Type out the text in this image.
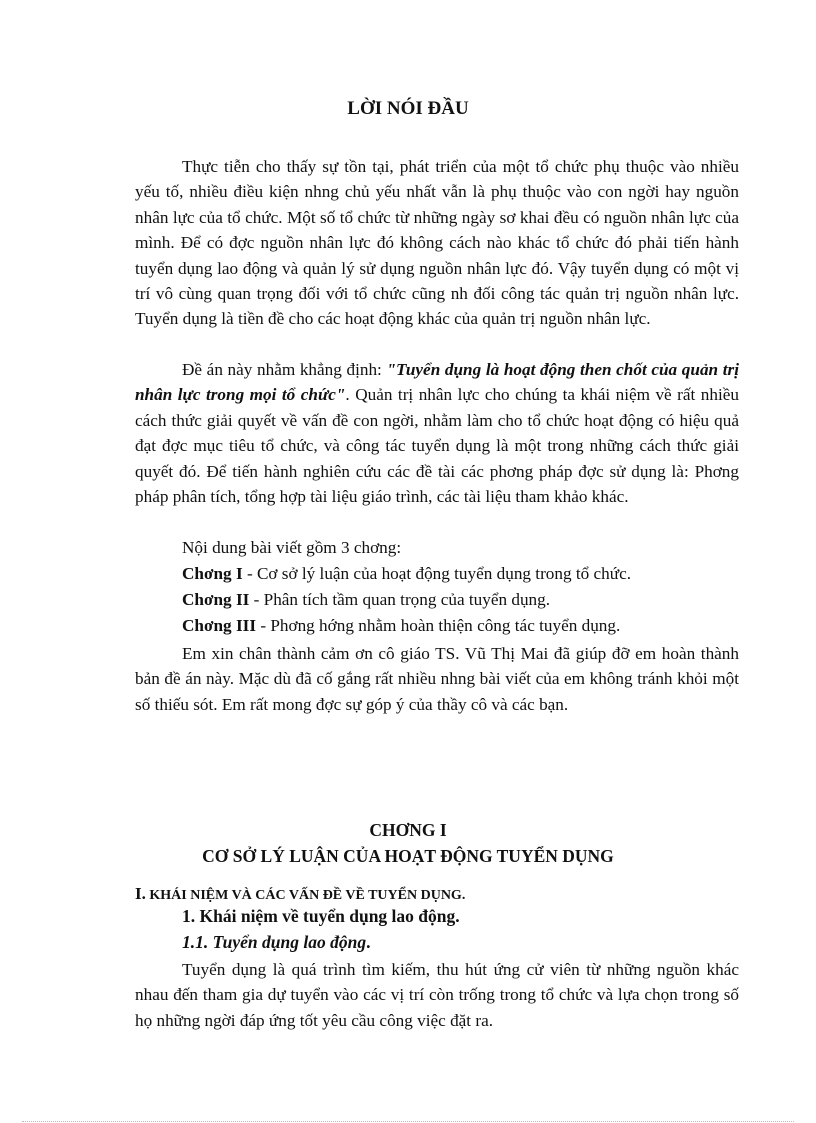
LỜI NÓI ĐẦU

Thực tiễn cho thấy sự tồn tại, phát triển của một tổ chức phụ thuộc vào nhiều yếu tố, nhiều điều kiện nhng chủ yếu nhất vẫn là phụ thuộc vào con ngời hay nguồn nhân lực của tổ chức. Một số tổ chức từ những ngày sơ khai đều có nguồn nhân lực của mình. Để có đợc nguồn nhân lực đó không cách nào khác tổ chức đó phải tiến hành tuyển dụng lao động và quản lý sử dụng nguồn nhân lực đó. Vậy tuyển dụng có một vị trí vô cùng quan trọng đối với tổ chức cũng nh đối công tác quản trị nguồn nhân lực. Tuyển dụng là tiền đề cho các hoạt động khác của quản trị nguồn nhân lực.

Đề án này nhằm khẳng định: "Tuyển dụng là hoạt động then chốt của quản trị nhân lực trong mọi tổ chức". Quản trị nhân lực cho chúng ta khái niệm về rất nhiều cách thức giải quyết về vấn đề con ngời, nhằm làm cho tổ chức hoạt động có hiệu quả đạt đợc mục tiêu tổ chức, và công tác tuyển dụng là một trong những cách thức giải quyết đó. Để tiến hành nghiên cứu các đề tài các phơng pháp đợc sử dụng là: Phơng pháp phân tích, tổng hợp tài liệu giáo trình, các tài liệu tham khảo khác.

Nội dung bài viết gồm 3 chơng:
Chơng I - Cơ sở lý luận của hoạt động tuyển dụng trong tổ chức.
Chơng II - Phân tích tầm quan trọng của tuyển dụng.
Chơng III - Phơng hớng nhằm hoàn thiện công tác tuyển dụng.

Em xin chân thành cảm ơn cô giáo TS. Vũ Thị Mai đã giúp đỡ em hoàn thành bản đề án này. Mặc dù đã cố gắng rất nhiều nhng bài viết của em không tránh khỏi một số thiếu sót. Em rất mong đợc sự góp ý của thầy cô và các bạn.

CHƠNG I
CƠ SỞ LÝ LUẬN CỦA HOẠT ĐỘNG TUYỂN DỤNG
I. KHÁI NIỆM VÀ CÁC VẤN ĐỀ VỀ TUYỂN DỤNG.
1. Khái niệm về tuyển dụng lao động.
1.1. Tuyển dụng lao động.

Tuyển dụng là quá trình tìm kiếm, thu hút ứng cử viên từ những nguồn khác nhau đến tham gia dự tuyển vào các vị trí còn trống trong tổ chức và lựa chọn trong số họ những ngời đáp ứng tốt yêu cầu công việc đặt ra.
